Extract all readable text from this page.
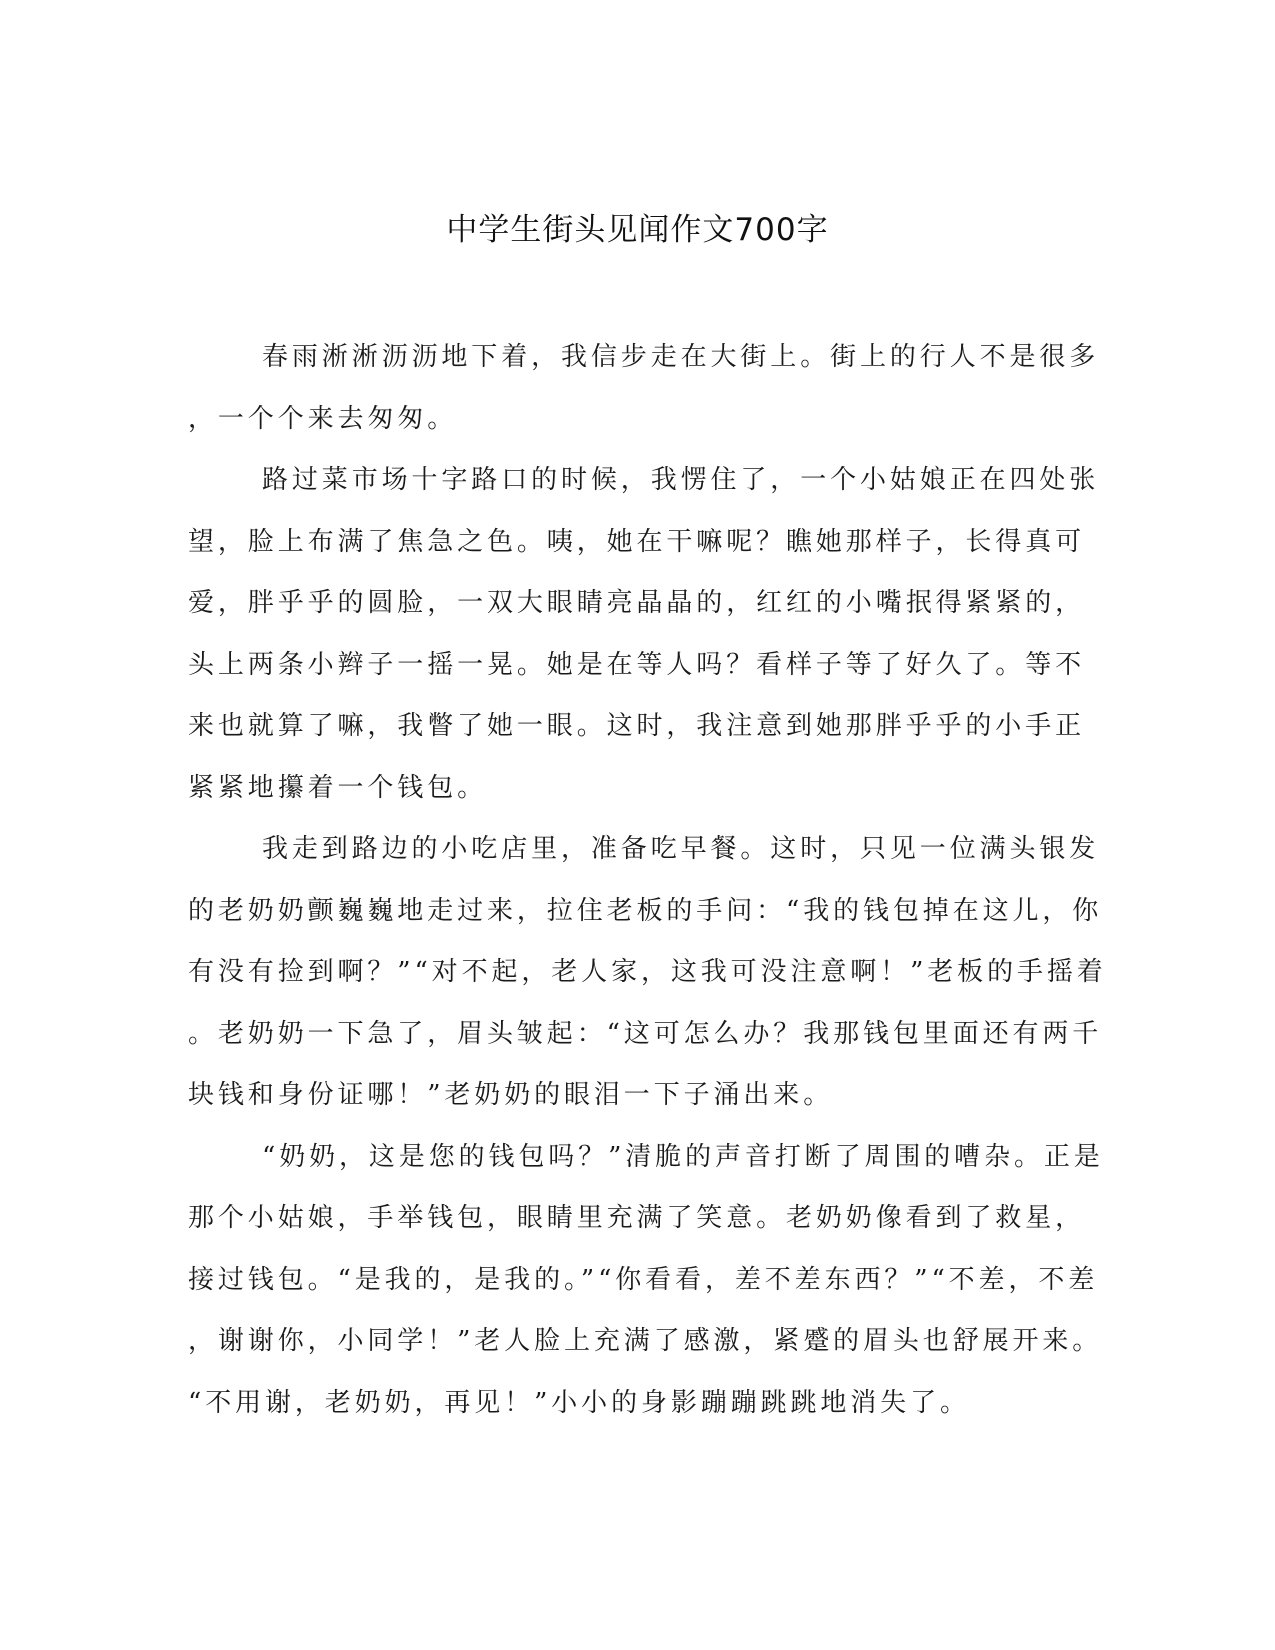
中学生街头见闻作文700字
春雨淅淅沥沥地下着，我信步走在大街上。街上的行人不是很多
，一个个来去匆匆。
路过菜市场十字路口的时候，我愣住了，一个小姑娘正在四处张
望，脸上布满了焦急之色。咦，她在干嘛呢？瞧她那样子，长得真可
爱，胖乎乎的圆脸，一双大眼睛亮晶晶的，红红的小嘴抿得紧紧的，
头上两条小辫子一摇一晃。她是在等人吗？看样子等了好久了。等不
来也就算了嘛，我瞥了她一眼。这时，我注意到她那胖乎乎的小手正
紧紧地攥着一个钱包。
我走到路边的小吃店里，准备吃早餐。这时，只见一位满头银发
的老奶奶颤巍巍地走过来，拉住老板的手问：“我的钱包掉在这儿，你
有没有捡到啊？”“对不起，老人家，这我可没注意啊！”老板的手摇着
。老奶奶一下急了，眉头皱起：“这可怎么办？我那钱包里面还有两千
块钱和身份证哪！”老奶奶的眼泪一下子涌出来。
“奶奶，这是您的钱包吗？”清脆的声音打断了周围的嘈杂。正是
那个小姑娘，手举钱包，眼睛里充满了笑意。老奶奶像看到了救星，
接过钱包。“是我的，是我的。”“你看看，差不差东西？”“不差，不差
，谢谢你，小同学！”老人脸上充满了感激，紧蹙的眉头也舒展开来。
“不用谢，老奶奶，再见！”小小的身影蹦蹦跳跳地消失了。
